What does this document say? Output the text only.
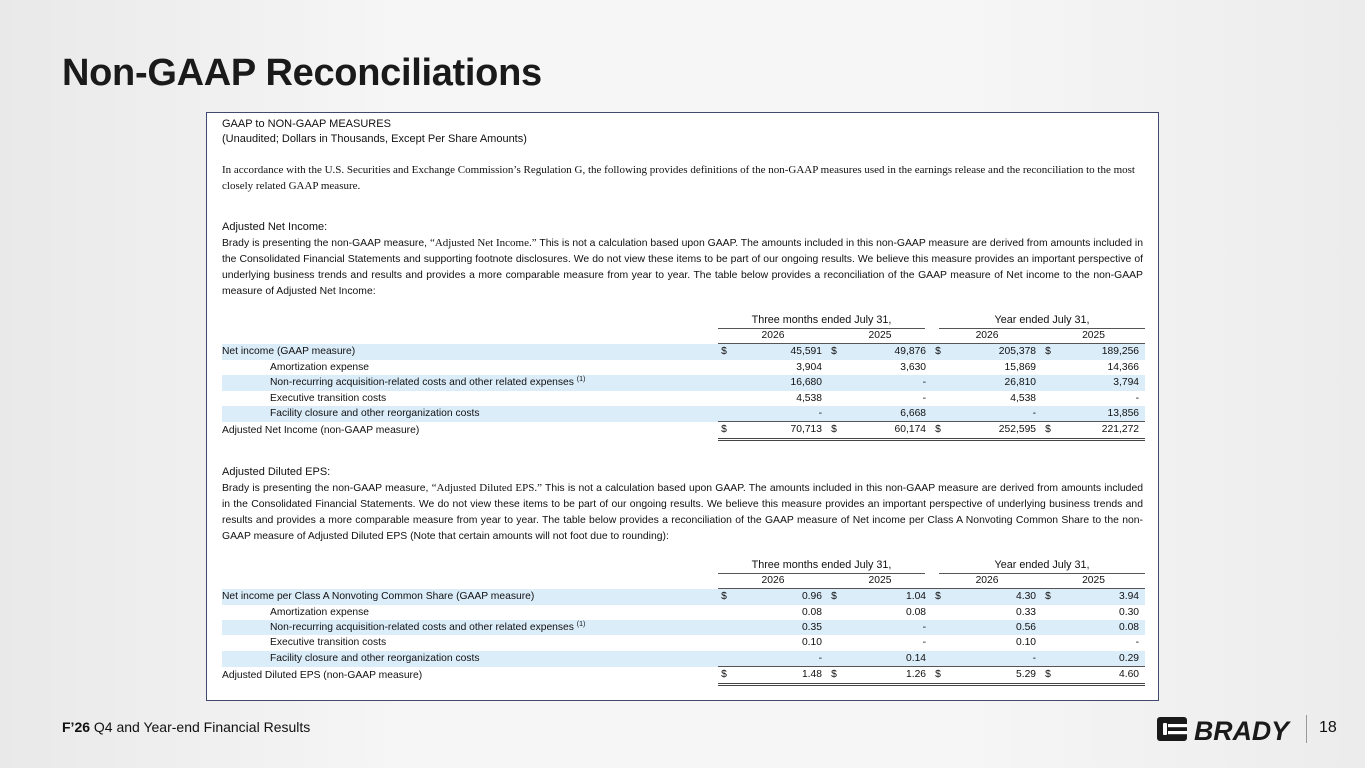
Non-GAAP Reconciliations
GAAP to NON-GAAP MEASURES
(Unaudited; Dollars in Thousands, Except Per Share Amounts)
In accordance with the U.S. Securities and Exchange Commission’s Regulation G, the following provides definitions of the non-GAAP measures used in the earnings release and the reconciliation to the most closely related GAAP measure.
Adjusted Net Income:
Brady is presenting the non-GAAP measure, “Adjusted Net Income.” This is not a calculation based upon GAAP. The amounts included in this non-GAAP measure are derived from amounts included in the Consolidated Financial Statements and supporting footnote disclosures. We do not view these items to be part of our ongoing results. We believe this measure provides an important perspective of underlying business trends and results and provides a more comparable measure from year to year. The table below provides a reconciliation of the GAAP measure of Net income to the non-GAAP measure of Adjusted Net Income:
	Three months ended July 31,				Year ended July 31,			
	2026		2025		2026		2025	
Net income (GAAP measure)	$	45,591	$	49,876	$	205,378	$	189,256
Amortization expense		3,904		3,630		15,869		14,366
Non-recurring acquisition-related costs and other related expenses $^{(1)}$		16,680		-		26,810		3,794
Executive transition costs		4,538		-		4,538		-
Facility closure and other reorganization costs		-		6,668		-		13,856
Adjusted Net Income (non-GAAP measure)	$	70,713	$	60,174	$	252,595	$	221,272
Adjusted Diluted EPS:
Brady is presenting the non-GAAP measure, “Adjusted Diluted EPS.” This is not a calculation based upon GAAP. The amounts included in this non-GAAP measure are derived from amounts included in the Consolidated Financial Statements. We do not view these items to be part of our ongoing results. We believe this measure provides an important perspective of underlying business trends and results and provides a more comparable measure from year to year. The table below provides a reconciliation of the GAAP measure of Net income per Class A Nonvoting Common Share to the non-GAAP measure of Adjusted Diluted EPS (Note that certain amounts will not foot due to rounding):
	Three months ended July 31,				Year ended July 31,			
	2026		2025		2026		2025	
Net income per Class A Nonvoting Common Share (GAAP measure)	$	0.96	$	1.04	$	4.30	$	3.94
Amortization expense		0.08		0.08		0.33		0.30
Non-recurring acquisition-related costs and other related expenses $^{(1)}$		0.35		-		0.56		0.08
Executive transition costs		0.10		-		0.10		-
Facility closure and other reorganization costs		-		0.14		-		0.29
Adjusted Diluted EPS (non-GAAP measure)	$	1.48	$	1.26	$	5.29	$	4.60
F’26 Q4 and Year-end Financial Results	BRADY 18
